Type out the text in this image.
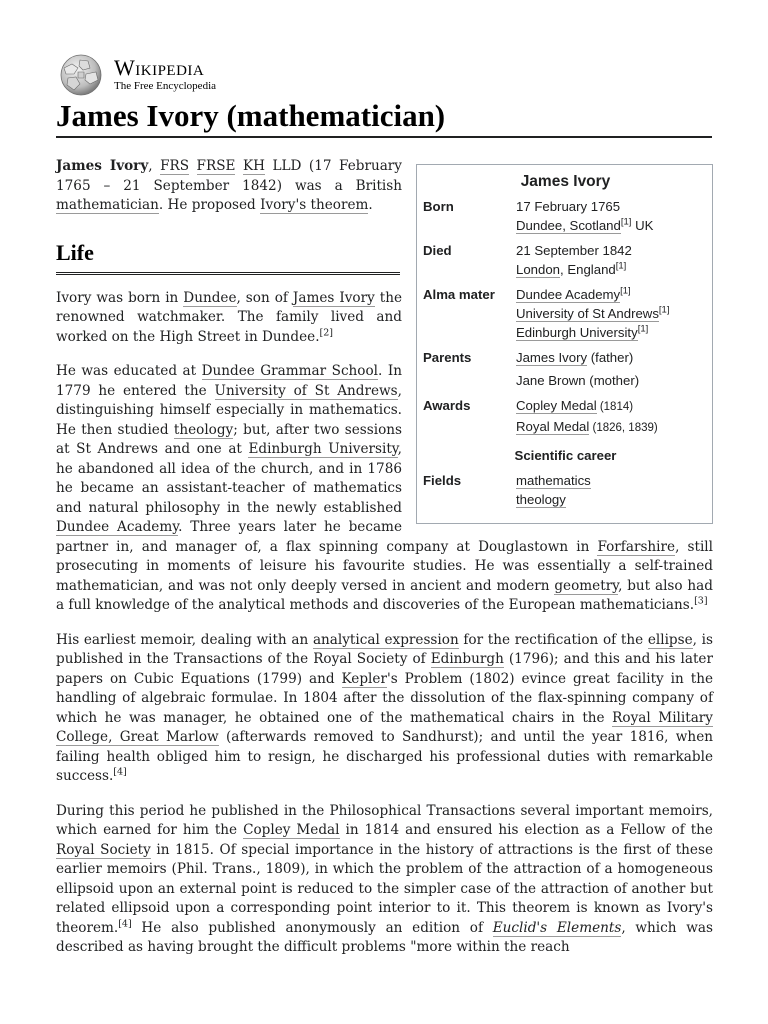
Wikipedia
The Free Encyclopedia
James Ivory (mathematician)
James Ivory
Born	17 February 1765
Dundee, Scotland[1] UK
Died	21 September 1842
London, England[1]
Alma mater	Dundee Academy[1]
University of St Andrews[1]
Edinburgh University[1]
Parents	James Ivory (father)
Jane Brown (mother)
Awards	Copley Medal (1814)
Royal Medal (1826, 1839)
Scientific career	
Fields	mathematics
theology

James Ivory, FRS FRSE KH LLD (17 February 1765 – 21 September 1842) was a British mathematician. He proposed Ivory's theorem.

Life

Ivory was born in Dundee, son of James Ivory the renowned watchmaker. The family lived and worked on the High Street in Dundee.[2]

He was educated at Dundee Grammar School. In 1779 he entered the University of St Andrews, distinguishing himself especially in mathematics. He then studied theology; but, after two sessions at St Andrews and one at Edinburgh University, he abandoned all idea of the church, and in 1786 he became an assistant-teacher of mathematics and natural philosophy in the newly established Dundee Academy. Three years later he became partner in, and manager of, a flax spinning company at Douglastown in Forfarshire, still prosecuting in moments of leisure his favourite studies. He was essentially a self-trained mathematician, and was not only deeply versed in ancient and modern geometry, but also had a full knowledge of the analytical methods and discoveries of the European mathematicians.[3]

His earliest memoir, dealing with an analytical expression for the rectification of the ellipse, is published in the Transactions of the Royal Society of Edinburgh (1796); and this and his later papers on Cubic Equations (1799) and Kepler's Problem (1802) evince great facility in the handling of algebraic formulae. In 1804 after the dissolution of the flax-spinning company of which he was manager, he obtained one of the mathematical chairs in the Royal Military College, Great Marlow (afterwards removed to Sandhurst); and until the year 1816, when failing health obliged him to resign, he discharged his professional duties with remarkable success.[4]

During this period he published in the Philosophical Transactions several important memoirs, which earned for him the Copley Medal in 1814 and ensured his election as a Fellow of the Royal Society in 1815. Of special importance in the history of attractions is the first of these earlier memoirs (Phil. Trans., 1809), in which the problem of the attraction of a homogeneous ellipsoid upon an external point is reduced to the simpler case of the attraction of another but related ellipsoid upon a corresponding point interior to it. This theorem is known as Ivory's theorem.[4] He also published anonymously an edition of Euclid's Elements, which was described as having brought the difficult problems "more within the reach
